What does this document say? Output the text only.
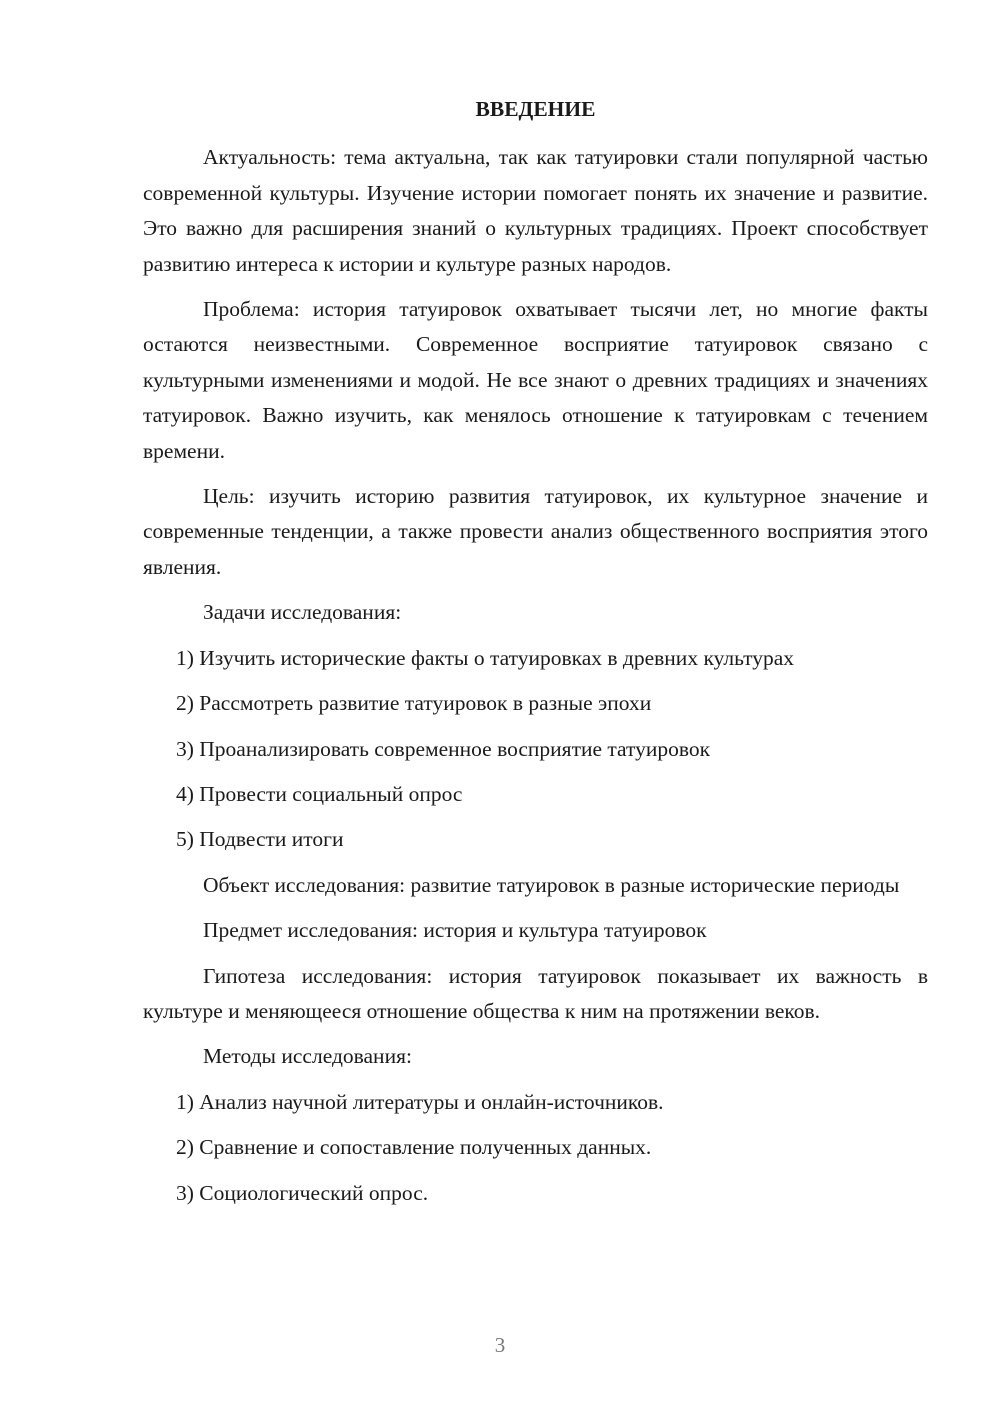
ВВЕДЕНИЕ

Актуальность: тема актуальна, так как татуировки стали популярной частью современной культуры. Изучение истории помогает понять их значение и развитие. Это важно для расширения знаний о культурных традициях. Проект способствует развитию интереса к истории и культуре разных народов.

Проблема: история татуировок охватывает тысячи лет, но многие факты остаются неизвестными. Современное восприятие татуировок связано с культурными изменениями и модой. Не все знают о древних традициях и значениях татуировок. Важно изучить, как менялось отношение к татуировкам с течением времени.

Цель: изучить историю развития татуировок, их культурное значение и современные тенденции, а также провести анализ общественного восприятия этого явления.

Задачи исследования:

1) Изучить исторические факты о татуировках в древних культурах
2) Рассмотреть развитие татуировок в разные эпохи
3) Проанализировать современное восприятие татуировок
4) Провести социальный опрос
5) Подвести итоги

Объект исследования: развитие татуировок в разные исторические периоды

Предмет исследования: история и культура татуировок

Гипотеза исследования: история татуировок показывает их важность в культуре и меняющееся отношение общества к ним на протяжении веков.

Методы исследования:

1) Анализ научной литературы и онлайн-источников.
2) Сравнение и сопоставление полученных данных.
3) Социологический опрос.
3
